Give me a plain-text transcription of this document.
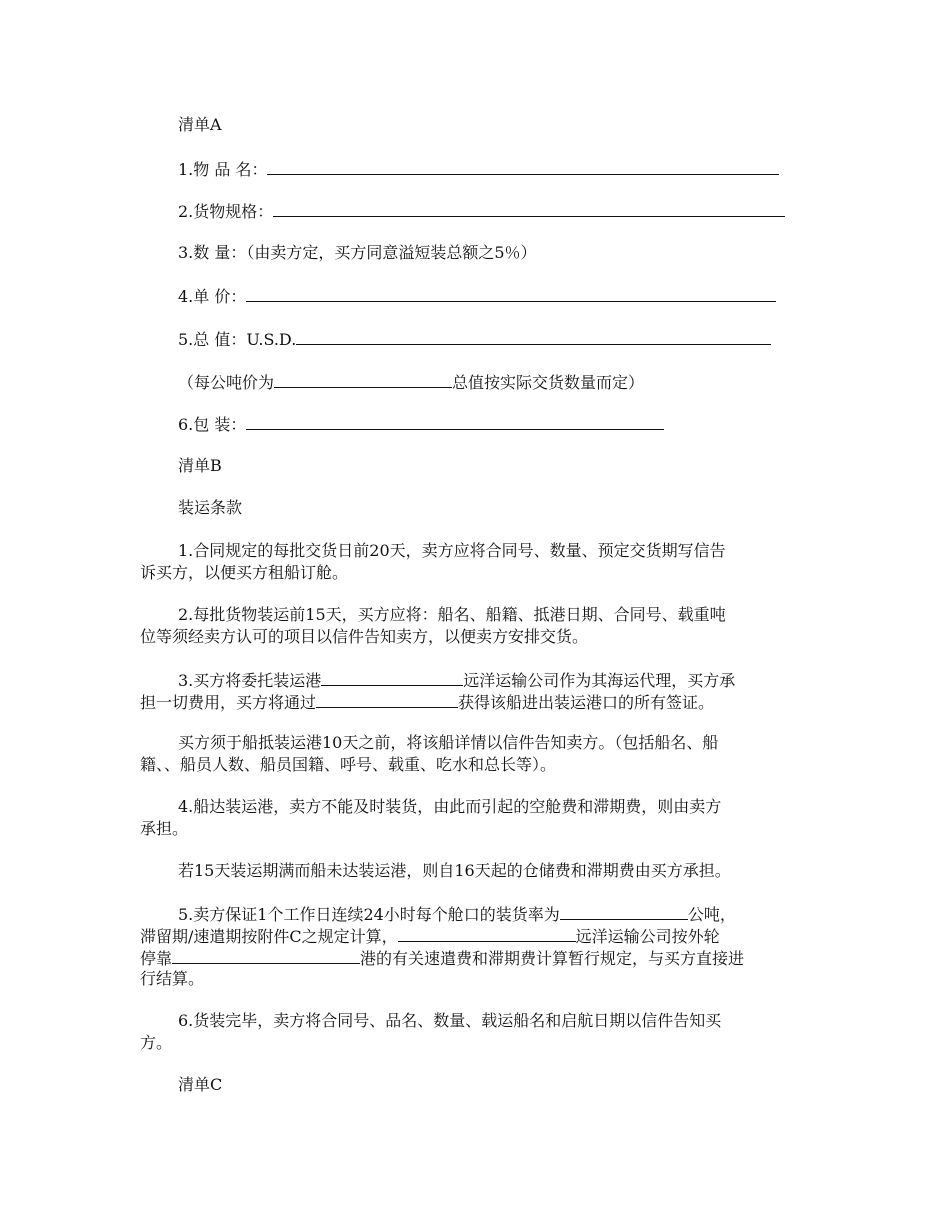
清单A
1.物 品 名：
2.货物规格：
3.数 量：（由卖方定，买方同意溢短装总额之5％）
4.单 价：
5.总 值：U.S.D.
（每公吨价为	总值按实际交货数量而定）
6.包 装：
清单B
装运条款
1.合同规定的每批交货日前20天，卖方应将合同号、数量、预定交货期写信告
诉买方，以便买方租船订舱。
2.每批货物装运前15天，买方应将：船名、船籍、抵港日期、合同号、载重吨
位等须经卖方认可的项目以信件告知卖方，以便卖方安排交货。
3.买方将委托装运港	远洋运输公司作为其海运代理，买方承
担一切费用，买方将通过	获得该船进出装运港口的所有签证。
买方须于船抵装运港10天之前，将该船详情以信件告知卖方。（包括船名、船
籍、、船员人数、船员国籍、呼号、载重、吃水和总长等）。
4.船达装运港，卖方不能及时装货，由此而引起的空舱费和滞期费，则由卖方
承担。
若15天装运期满而船未达装运港，则自16天起的仓储费和滞期费由买方承担。
5.卖方保证1个工作日连续24小时每个舱口的装货率为	公吨，
滞留期/速遣期按附件C之规定计算，	远洋运输公司按外轮
停靠	港的有关速遣费和滞期费计算暂行规定，与买方直接进
行结算。
6.货装完毕，卖方将合同号、品名、数量、载运船名和启航日期以信件告知买
方。
清单C
